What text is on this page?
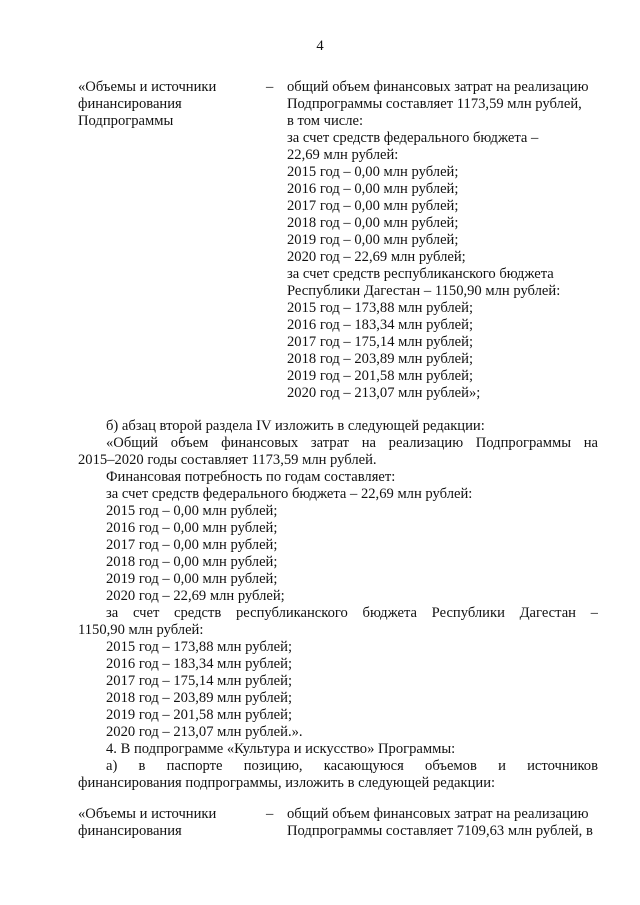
4
«Объемы и источники
финансирования
Подпрограммы
– общий объем финансовых затрат на реализацию
Подпрограммы составляет 1173,59 млн рублей,
в том числе:
за счет средств федерального бюджета –
22,69 млн рублей:
2015 год – 0,00 млн рублей;
2016 год – 0,00 млн рублей;
2017 год – 0,00 млн рублей;
2018 год – 0,00 млн рублей;
2019 год – 0,00 млн рублей;
2020 год – 22,69 млн рублей;
за счет средств республиканского бюджета
Республики Дагестан – 1150,90 млн рублей:
2015 год – 173,88 млн рублей;
2016 год – 183,34 млн рублей;
2017 год – 175,14 млн рублей;
2018 год – 203,89 млн рублей;
2019 год – 201,58 млн рублей;
2020 год – 213,07 млн рублей»;
б) абзац второй раздела IV изложить в следующей редакции:
«Общий объем финансовых затрат на реализацию Подпрограммы на
2015–2020 годы составляет 1173,59 млн рублей.
Финансовая потребность по годам составляет:
за счет средств федерального бюджета – 22,69 млн рублей:
2015 год – 0,00 млн рублей;
2016 год – 0,00 млн рублей;
2017 год – 0,00 млн рублей;
2018 год – 0,00 млн рублей;
2019 год – 0,00 млн рублей;
2020 год – 22,69 млн рублей;
за счет средств республиканского бюджета Республики Дагестан –
1150,90 млн рублей:
2015 год – 173,88 млн рублей;
2016 год – 183,34 млн рублей;
2017 год – 175,14 млн рублей;
2018 год – 203,89 млн рублей;
2019 год – 201,58 млн рублей;
2020 год – 213,07 млн рублей.».
4. В подпрограмме «Культура и искусство» Программы:
а) в паспорте позицию, касающуюся объемов и источников
финансирования подпрограммы, изложить в следующей редакции:
«Объемы и источники
финансирования
– общий объем финансовых затрат на реализацию
Подпрограммы составляет 7109,63 млн рублей, в
